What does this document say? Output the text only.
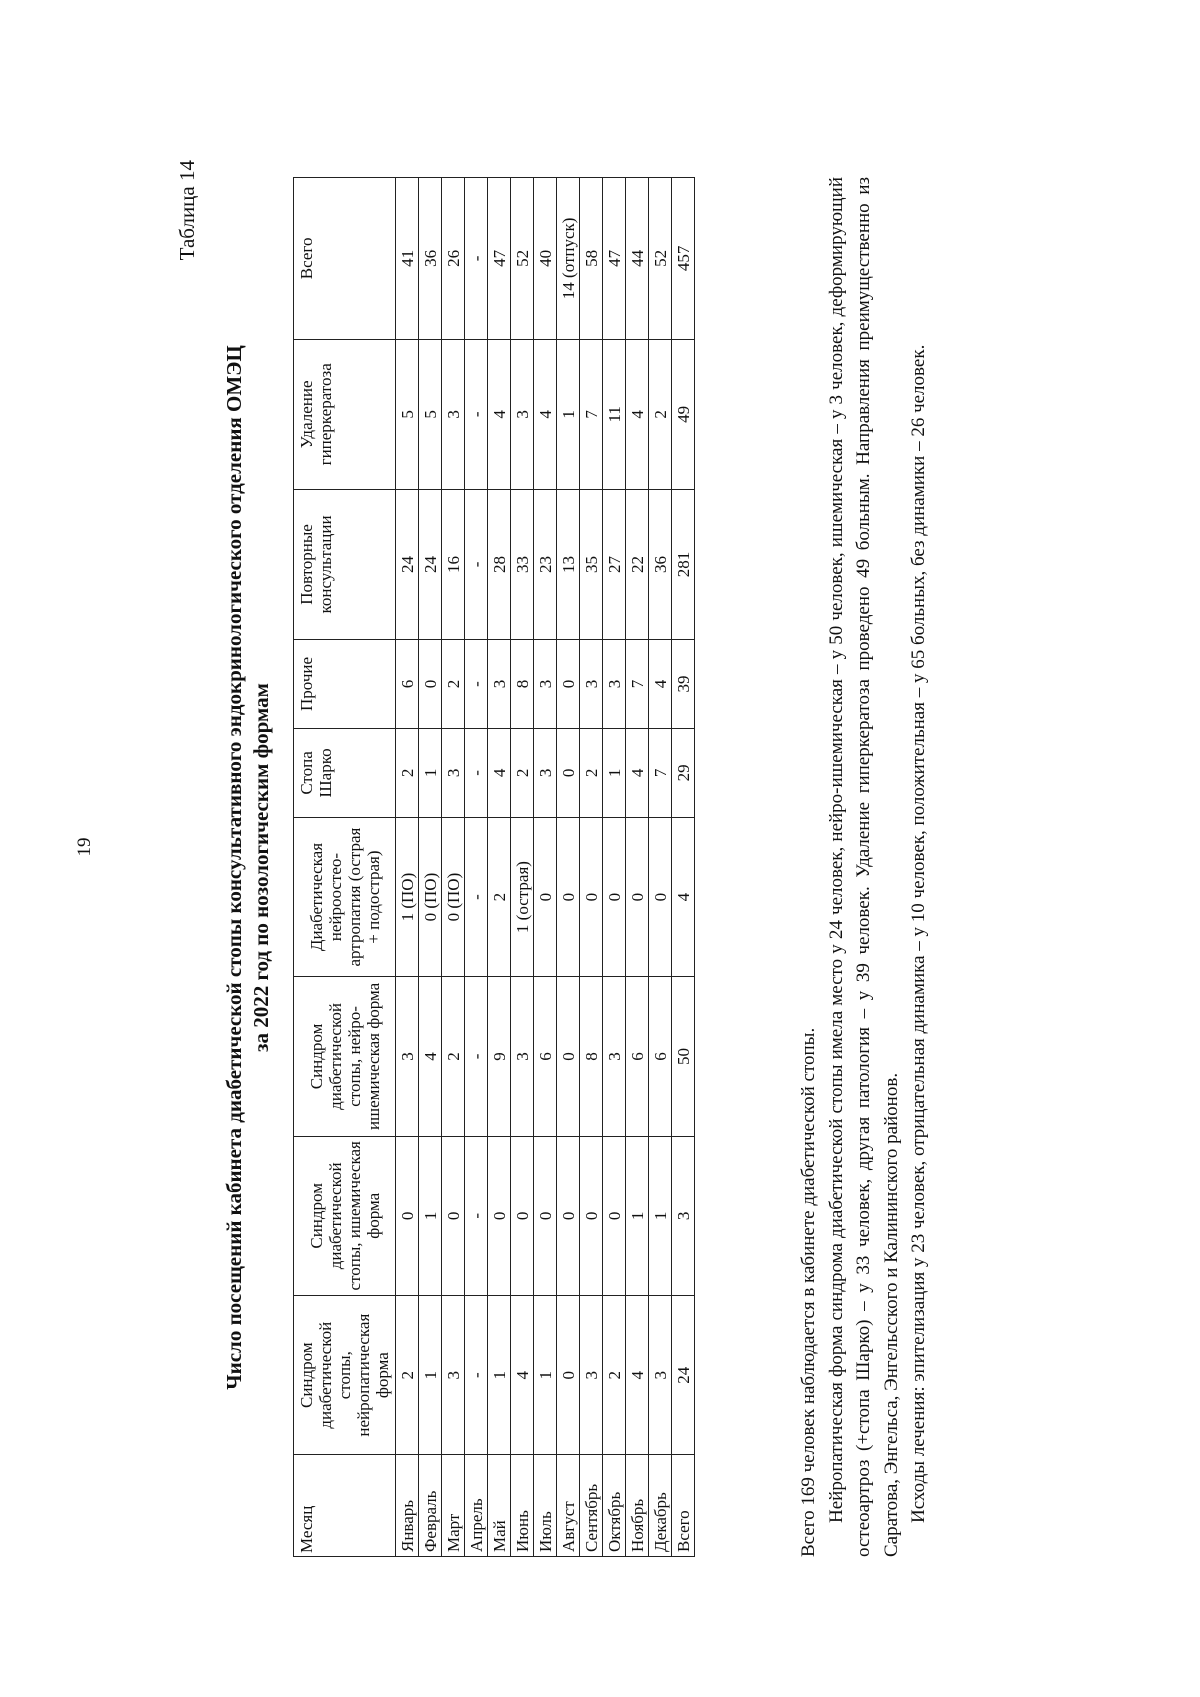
19
Таблица 14
Число посещений кабинета диабетической стопы консультативного эндокринологического отделения ОМЭЦ за 2022 год по нозологическим формам
Месяц	Синдром диабетической стопы, нейропатическая форма	Синдром диабетической стопы, ишемическая форма	Синдром диабетической стопы, нейро-ишемическая форма	Диабетическая нейроостео-артропатия (острая + подострая)	Стопа Шарко	Прочие	Повторные консультации	Удаление гиперкератоза	Всего
Январь	2	0	3	1 (ПО)	2	6	24	5	41
Февраль	1	1	4	0 (ПО)	1	0	24	5	36
Март	3	0	2	0 (ПО)	3	2	16	3	26
Апрель	-	-	-	-	-	-	-	-	-
Май	1	0	9	2	4	3	28	4	47
Июнь	4	0	3	1 (острая)	2	8	33	3	52
Июль	1	0	6	0	3	3	23	4	40
Август	0	0	0	0	0	0	13	1	14 (отпуск)
Сентябрь	3	0	8	0	2	3	35	7	58
Октябрь	2	0	3	0	1	3	27	11	47
Ноябрь	4	1	6	0	4	7	22	4	44
Декабрь	3	1	6	0	7	4	36	2	52
Всего	24	3	50	4	29	39	281	49	457

Всего 169 человек наблюдается в кабинете диабетической стопы. Нейропатическая форма синдрома диабетической стопы имела место у 24 человек, нейро-ишемическая – у 50 человек, ишемическая – у 3 человек, деформирующий остеоартроз (+стопа Шарко) – у 33 человек, другая патология – у 39 человек. Удаление гиперкератоза проведено 49 больным. Направления преимущественно из Саратова, Энгельса, Энгельсского и Калининского районов. Исходы лечения: эпителизация у 23 человек, отрицательная динамика – у 10 человек, положительная – у 65 больных, без динамики – 26 человек.
